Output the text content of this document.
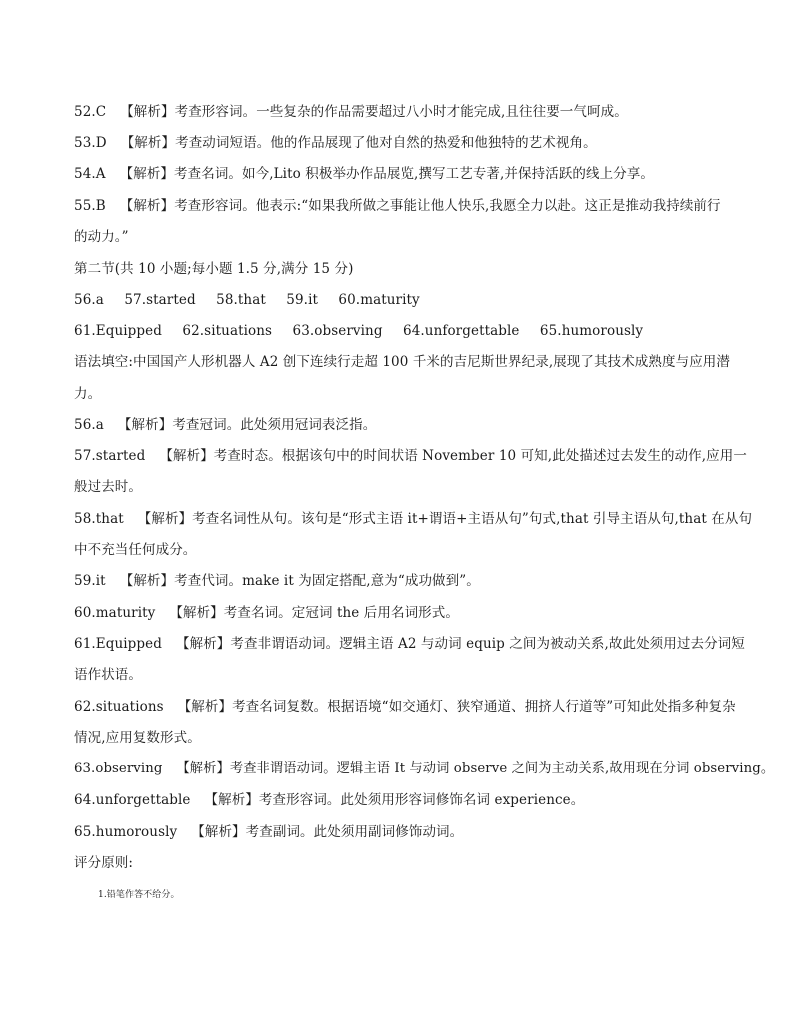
52.C 【解析】考查形容词。一些复杂的作品需要超过八小时才能完成,且往往要一气呵成。
53.D 【解析】考查动词短语。他的作品展现了他对自然的热爱和他独特的艺术视角。
54.A 【解析】考查名词。如今,Lito 积极举办作品展览,撰写工艺专著,并保持活跃的线上分享。
55.B 【解析】考查形容词。他表示:“如果我所做之事能让他人快乐,我愿全力以赴。这正是推动我持续前行
的动力。”
第二节(共 10 小题;每小题 1.5 分,满分 15 分)
56.a 57.started 58.that 59.it 60.maturity
61.Equipped 62.situations 63.observing 64.unforgettable 65.humorously
语法填空:中国国产人形机器人 A2 创下连续行走超 100 千米的吉尼斯世界纪录,展现了其技术成熟度与应用潜
力。
56.a 【解析】考查冠词。此处须用冠词表泛指。
57.started 【解析】考查时态。根据该句中的时间状语 November 10 可知,此处描述过去发生的动作,应用一
般过去时。
58.that 【解析】考查名词性从句。该句是“形式主语 it+谓语+主语从句”句式,that 引导主语从句,that 在从句
中不充当任何成分。
59.it 【解析】考查代词。make it 为固定搭配,意为“成功做到”。
60.maturity 【解析】考查名词。定冠词 the 后用名词形式。
61.Equipped 【解析】考查非谓语动词。逻辑主语 A2 与动词 equip 之间为被动关系,故此处须用过去分词短
语作状语。
62.situations 【解析】考查名词复数。根据语境“如交通灯、狭窄通道、拥挤人行道等”可知此处指多种复杂
情况,应用复数形式。
63.observing 【解析】考查非谓语动词。逻辑主语 It 与动词 observe 之间为主动关系,故用现在分词 observing。
64.unforgettable 【解析】考查形容词。此处须用形容词修饰名词 experience。
65.humorously 【解析】考查副词。此处须用副词修饰动词。
评分原则:
1.铅笔作答不给分。
